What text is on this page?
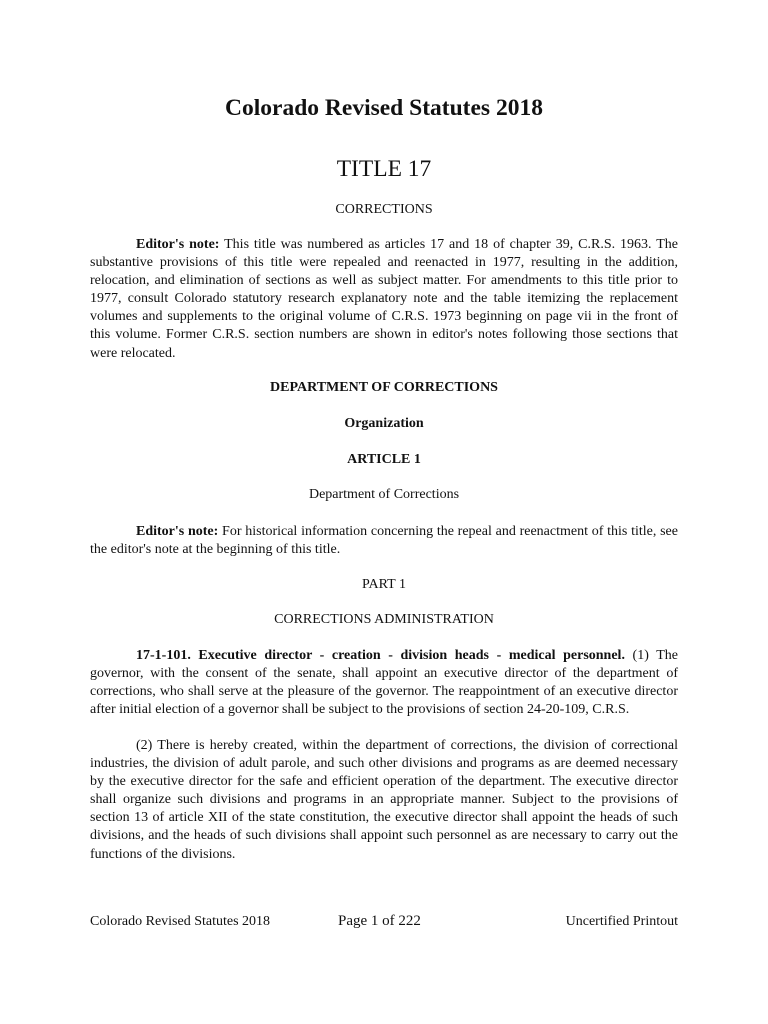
Colorado Revised Statutes 2018
TITLE 17
CORRECTIONS

Editor's note: This title was numbered as articles 17 and 18 of chapter 39, C.R.S. 1963. The substantive provisions of this title were repealed and reenacted in 1977, resulting in the addition, relocation, and elimination of sections as well as subject matter. For amendments to this title prior to 1977, consult Colorado statutory research explanatory note and the table itemizing the replacement volumes and supplements to the original volume of C.R.S. 1973 beginning on page vii in the front of this volume. Former C.R.S. section numbers are shown in editor's notes following those sections that were relocated.

DEPARTMENT OF CORRECTIONS
Organization
ARTICLE 1
Department of Corrections

Editor's note: For historical information concerning the repeal and reenactment of this title, see the editor's note at the beginning of this title.

PART 1
CORRECTIONS ADMINISTRATION

17-1-101. Executive director - creation - division heads - medical personnel. (1) The governor, with the consent of the senate, shall appoint an executive director of the department of corrections, who shall serve at the pleasure of the governor. The reappointment of an executive director after initial election of a governor shall be subject to the provisions of section 24-20-109, C.R.S.

(2) There is hereby created, within the department of corrections, the division of correctional industries, the division of adult parole, and such other divisions and programs as are deemed necessary by the executive director for the safe and efficient operation of the department. The executive director shall organize such divisions and programs in an appropriate manner. Subject to the provisions of section 13 of article XII of the state constitution, the executive director shall appoint the heads of such divisions, and the heads of such divisions shall appoint such personnel as are necessary to carry out the functions of the divisions.

Colorado Revised Statutes 2018	Page 1 of 222	Uncertified Printout
